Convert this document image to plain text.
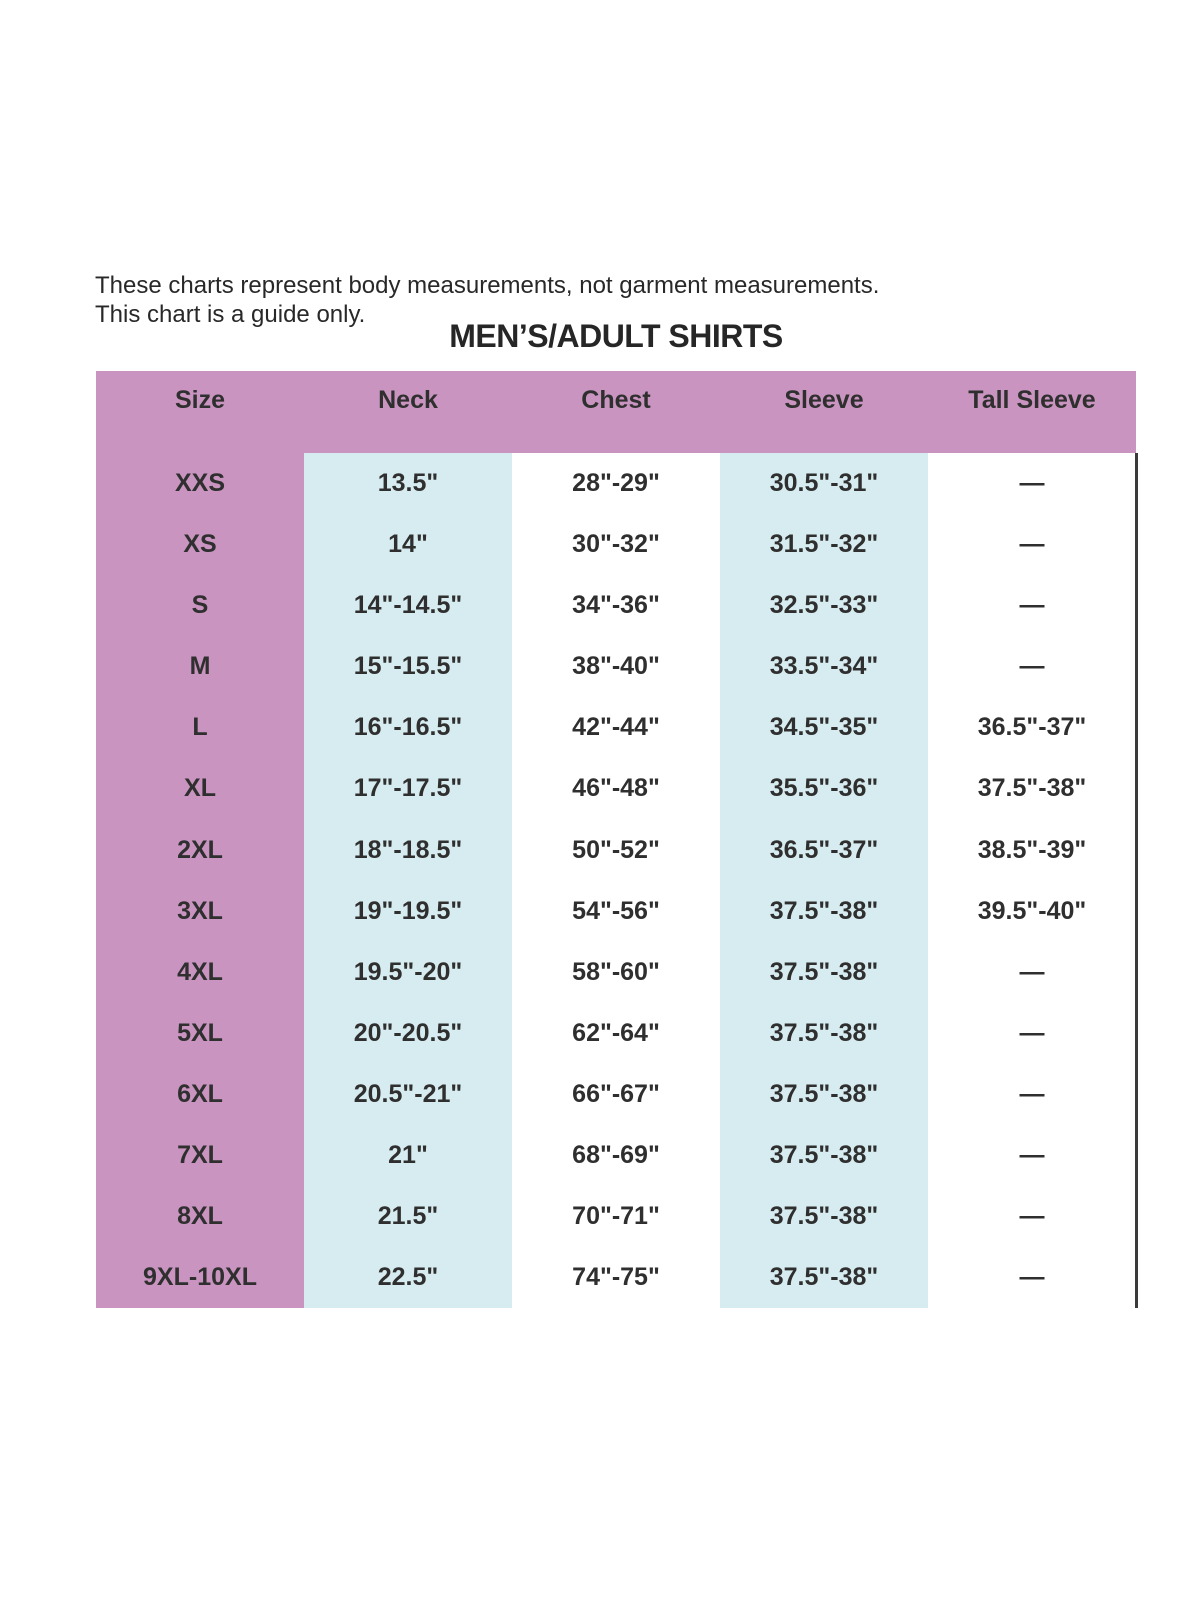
These charts represent body measurements, not garment measurements.
This chart is a guide only.
MEN’S/ADULT SHIRTS
Size	Neck	Chest	Sleeve	Tall Sleeve
XXS	13.5"	28"-29"	30.5"-31"	—
XS	14"	30"-32"	31.5"-32"	—
S	14"-14.5"	34"-36"	32.5"-33"	—
M	15"-15.5"	38"-40"	33.5"-34"	—
L	16"-16.5"	42"-44"	34.5"-35"	36.5"-37"
XL	17"-17.5"	46"-48"	35.5"-36"	37.5"-38"
2XL	18"-18.5"	50"-52"	36.5"-37"	38.5"-39"
3XL	19"-19.5"	54"-56"	37.5"-38"	39.5"-40"
4XL	19.5"-20"	58"-60"	37.5"-38"	—
5XL	20"-20.5"	62"-64"	37.5"-38"	—
6XL	20.5"-21"	66"-67"	37.5"-38"	—
7XL	21"	68"-69"	37.5"-38"	—
8XL	21.5"	70"-71"	37.5"-38"	—
9XL-10XL	22.5"	74"-75"	37.5"-38"	—
